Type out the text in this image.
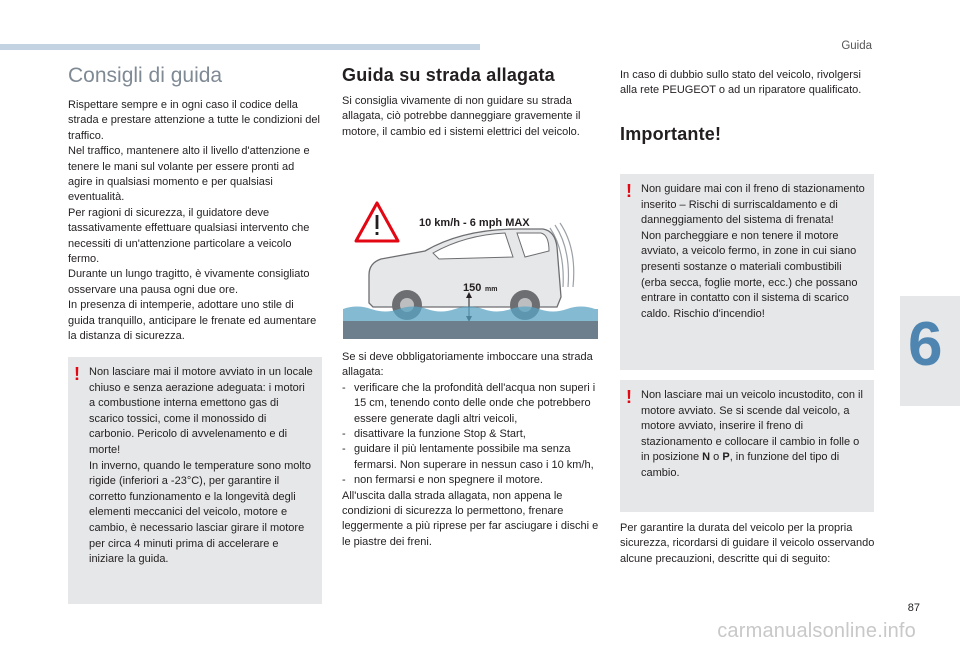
Guida
6
87
carmanualsonline.info

Consigli di guida

Rispettare sempre e in ogni caso il codice della strada e prestare attenzione a tutte le condizioni del traffico.

Nel traffico, mantenere alto il livello d'attenzione e tenere le mani sul volante per essere pronti ad agire in qualsiasi momento e per qualsiasi eventualità.

Per ragioni di sicurezza, il guidatore deve tassativamente effettuare qualsiasi intervento che necessiti di un'attenzione particolare a veicolo fermo.

Durante un lungo tragitto, è vivamente consigliato osservare una pausa ogni due ore.

In presenza di intemperie, adottare uno stile di guida tranquillo, anticipare le frenate ed aumentare la distanza di sicurezza.

! Non lasciare mai il motore avviato in un locale chiuso e senza aerazione adeguata: i motori a combustione interna emettono gas di scarico tossici, come il monossido di carbonio. Pericolo di avvelenamento e di morte!

In inverno, quando le temperature sono molto rigide (inferiori a -23°C), per garantire il corretto funzionamento e la longevità degli elementi meccanici del veicolo, motore e cambio, è necessario lasciar girare il motore per circa 4 minuti prima di accelerare e iniziare la guida.

Guida su strada allagata

Si consiglia vivamente di non guidare su strada allagata, ciò potrebbe danneggiare gravemente il motore, il cambio ed i sistemi elettrici del veicolo.

10 km/h - 6 mph MAX
150 mm

Se si deve obbligatoriamente imboccare una strada allagata:

- verificare che la profondità dell'acqua non superi i 15 cm, tenendo conto delle onde che potrebbero essere generate dagli altri veicoli,

- disattivare la funzione Stop & Start,

- guidare il più lentamente possibile ma senza fermarsi. Non superare in nessun caso i 10 km/h,

- non fermarsi e non spegnere il motore.

All'uscita dalla strada allagata, non appena le condizioni di sicurezza lo permettono, frenare leggermente a più riprese per far asciugare i dischi e le piastre dei freni.

In caso di dubbio sullo stato del veicolo, rivolgersi alla rete PEUGEOT o ad un riparatore qualificato.

Importante!

! Non guidare mai con il freno di stazionamento inserito – Rischi di surriscaldamento e di danneggiamento del sistema di frenata!

Non parcheggiare e non tenere il motore avviato, a veicolo fermo, in zone in cui siano presenti sostanze o materiali combustibili (erba secca, foglie morte, ecc.) che possano entrare in contatto con il sistema di scarico caldo. Rischio d'incendio!

! Non lasciare mai un veicolo incustodito, con il motore avviato. Se si scende dal veicolo, a motore avviato, inserire il freno di stazionamento e collocare il cambio in folle o in posizione N o P, in funzione del tipo di cambio.

Per garantire la durata del veicolo per la propria sicurezza, ricordarsi di guidare il veicolo osservando alcune precauzioni, descritte qui di seguito:
